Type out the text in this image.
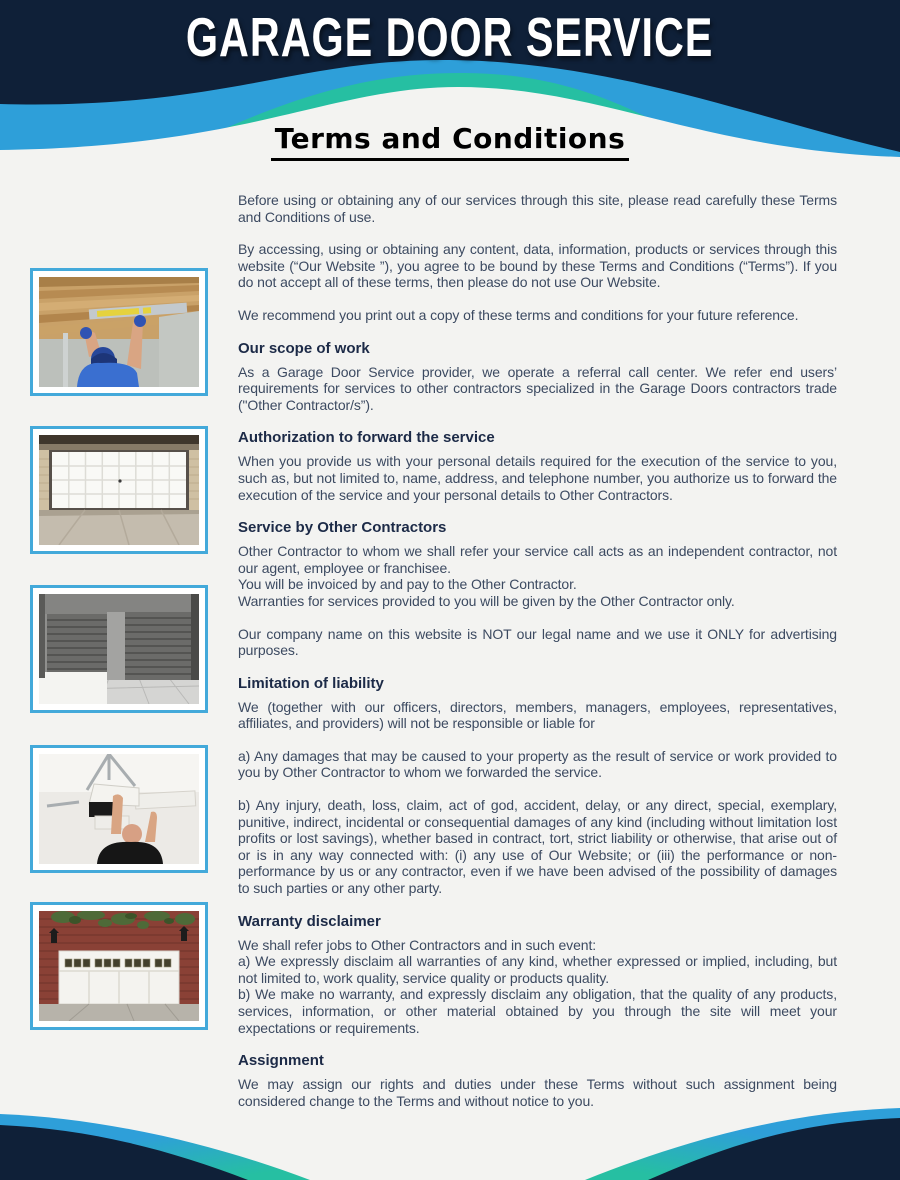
GARAGE DOOR SERVICE
Terms and Conditions

Before using or obtaining any of our services through this site, please read carefully these Terms and Conditions of use.

By accessing, using or obtaining any content, data, information, products or services through this website (“Our Website ”), you agree to be bound by these Terms and Conditions (“Terms”). If you do not accept all of these terms, then please do not use Our Website.

We recommend you print out a copy of these terms and conditions for your future reference.

Our scope of work

As a Garage Door Service provider, we operate a referral call center. We refer end users’ requirements for services to other contractors specialized in the Garage Doors contractors trade ("Other Contractor/s”).

Authorization to forward the service

When you provide us with your personal details required for the execution of the service to you, such as, but not limited to, name, address, and telephone number, you authorize us to forward the execution of the service and your personal details to Other Contractors.

Service by Other Contractors

Other Contractor to whom we shall refer your service call acts as an independent contractor, not our agent, employee or franchisee.

You will be invoiced by and pay to the Other Contractor.

Warranties for services provided to you will be given by the Other Contractor only.

Our company name on this website is NOT our legal name and we use it ONLY for advertising purposes.

Limitation of liability

We (together with our officers, directors, members, managers, employees, representatives, affiliates, and providers) will not be responsible or liable for

a) Any damages that may be caused to your property as the result of service or work provided to you by Other Contractor to whom we forwarded the service.

b) Any injury, death, loss, claim, act of god, accident, delay, or any direct, special, exemplary, punitive, indirect, incidental or consequential damages of any kind (including without limitation lost profits or lost savings), whether based in contract, tort, strict liability or otherwise, that arise out of or is in any way connected with: (i) any use of Our Website; or (iii) the performance or non-performance by us or any contractor, even if we have been advised of the possibility of damages to such parties or any other party.

Warranty disclaimer

We shall refer jobs to Other Contractors and in such event:

a) We expressly disclaim all warranties of any kind, whether expressed or implied, including, but not limited to, work quality, service quality or products quality.

b) We make no warranty, and expressly disclaim any obligation, that the quality of any products, services, information, or other material obtained by you through the site will meet your expectations or requirements.

Assignment

We may assign our rights and duties under these Terms without such assignment being considered change to the Terms and without notice to you.
